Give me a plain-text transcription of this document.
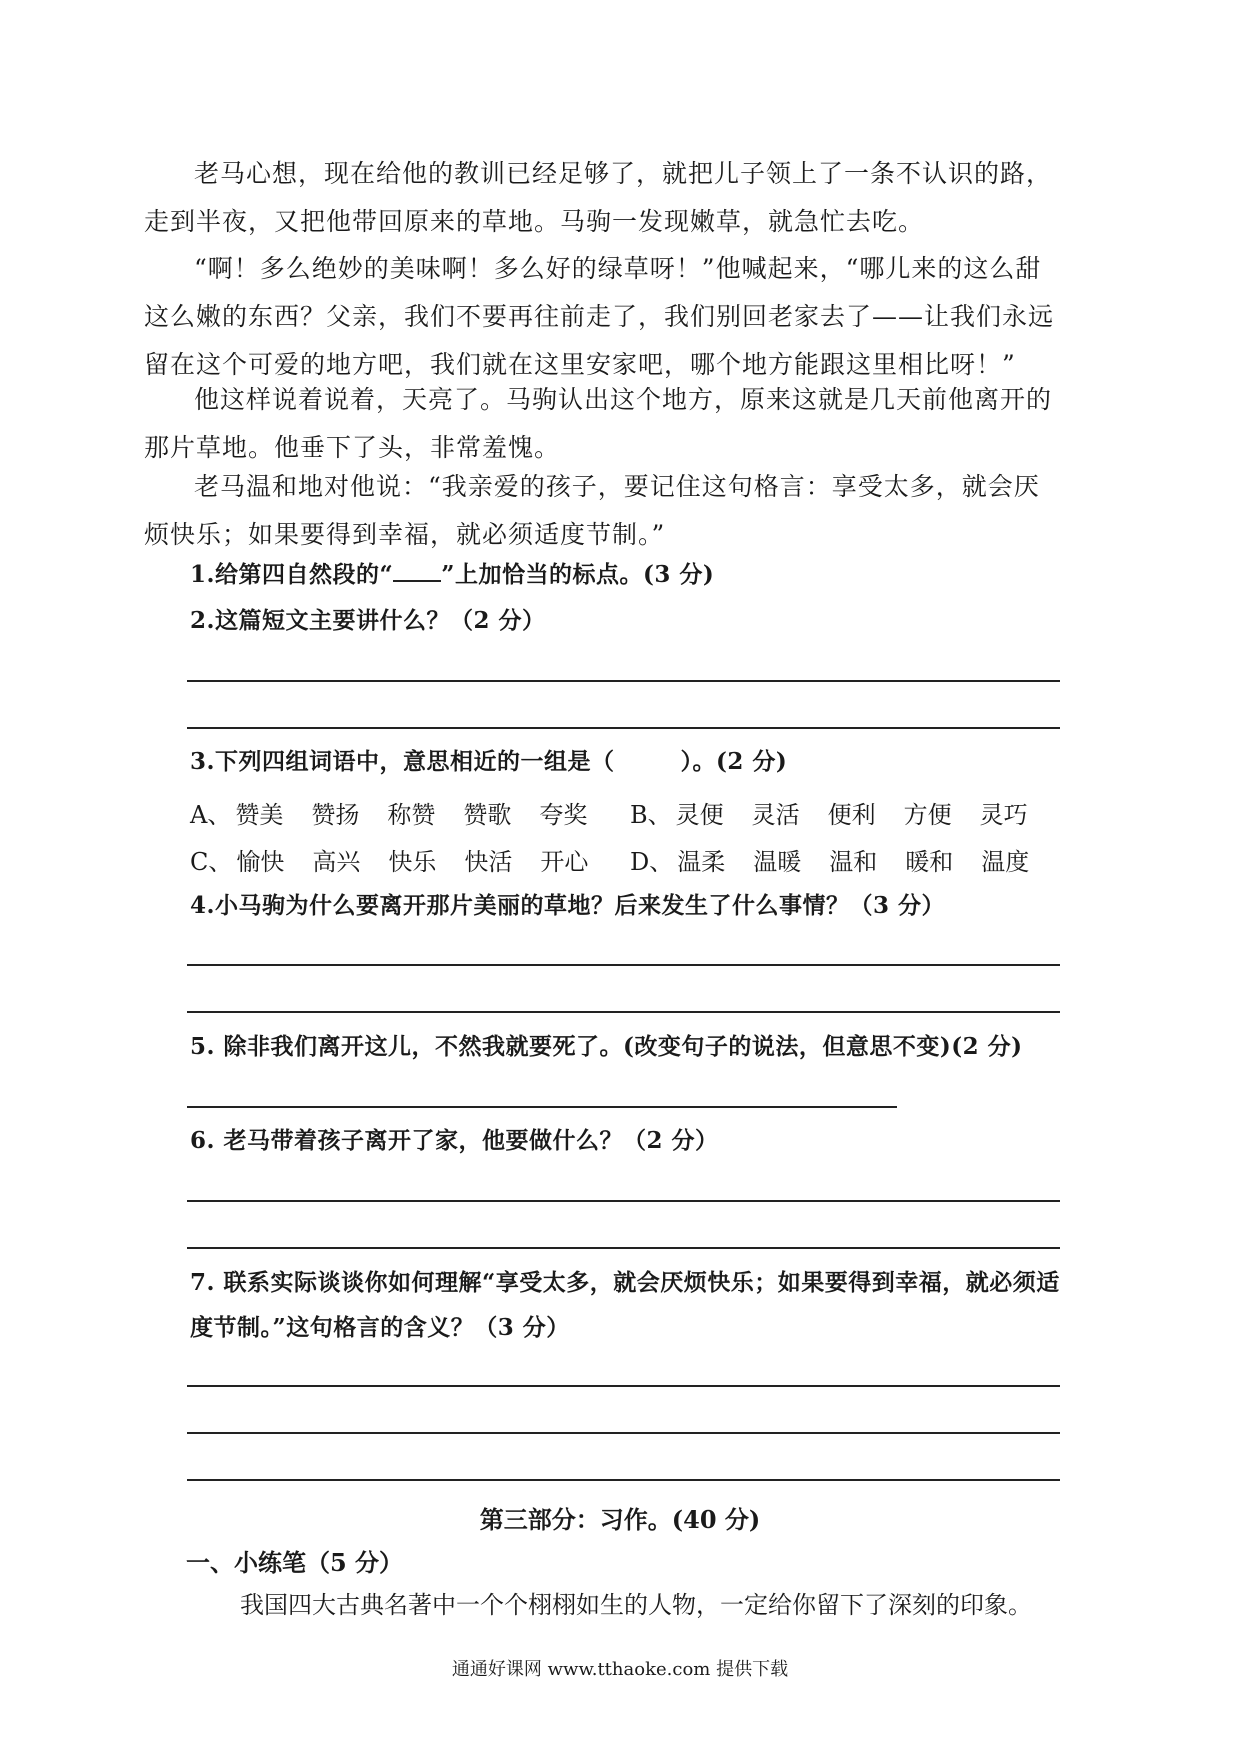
老马心想，现在给他的教训已经足够了，就把儿子领上了一条不认识的路，走到半夜，又把他带回原来的草地。马驹一发现嫩草，就急忙去吃。

“啊！多么绝妙的美味啊！多么好的绿草呀！”他喊起来，“哪儿来的这么甜这么嫩的东西？父亲，我们不要再往前走了，我们别回老家去了——让我们永远留在这个可爱的地方吧，我们就在这里安家吧，哪个地方能跟这里相比呀！”

他这样说着说着，天亮了。马驹认出这个地方，原来这就是几天前他离开的那片草地。他垂下了头，非常羞愧。

老马温和地对他说：“我亲爱的孩子，要记住这句格言：享受太多，就会厌烦快乐；如果要得到幸福，就必须适度节制。”

1.给第四自然段的“ ”上加恰当的标点。(3 分)

2.这篇短文主要讲什么？（2 分）

3.下列四组词语中，意思相近的一组是（	）。(2 分)

A、 赞美 赞扬 称赞 赞歌 夸奖 B、 灵便 灵活 便利 方便 灵巧
C、 愉快 高兴 快乐 快活 开心 D、 温柔 温暖 温和 暖和 温度

4.小马驹为什么要离开那片美丽的草地？后来发生了什么事情？（3 分）

5. 除非我们离开这儿，不然我就要死了。(改变句子的说法，但意思不变)(2 分)

6. 老马带着孩子离开了家，他要做什么？（2 分）

7. 联系实际谈谈你如何理解“享受太多，就会厌烦快乐；如果要得到幸福，就必须适度节制。”这句格言的含义？（3 分）

第三部分：习作。(40 分)
一、小练笔（5 分）
我国四大古典名著中一个个栩栩如生的人物，一定给你留下了深刻的印象。
通通好课网 www.tthaoke.com 提供下载
